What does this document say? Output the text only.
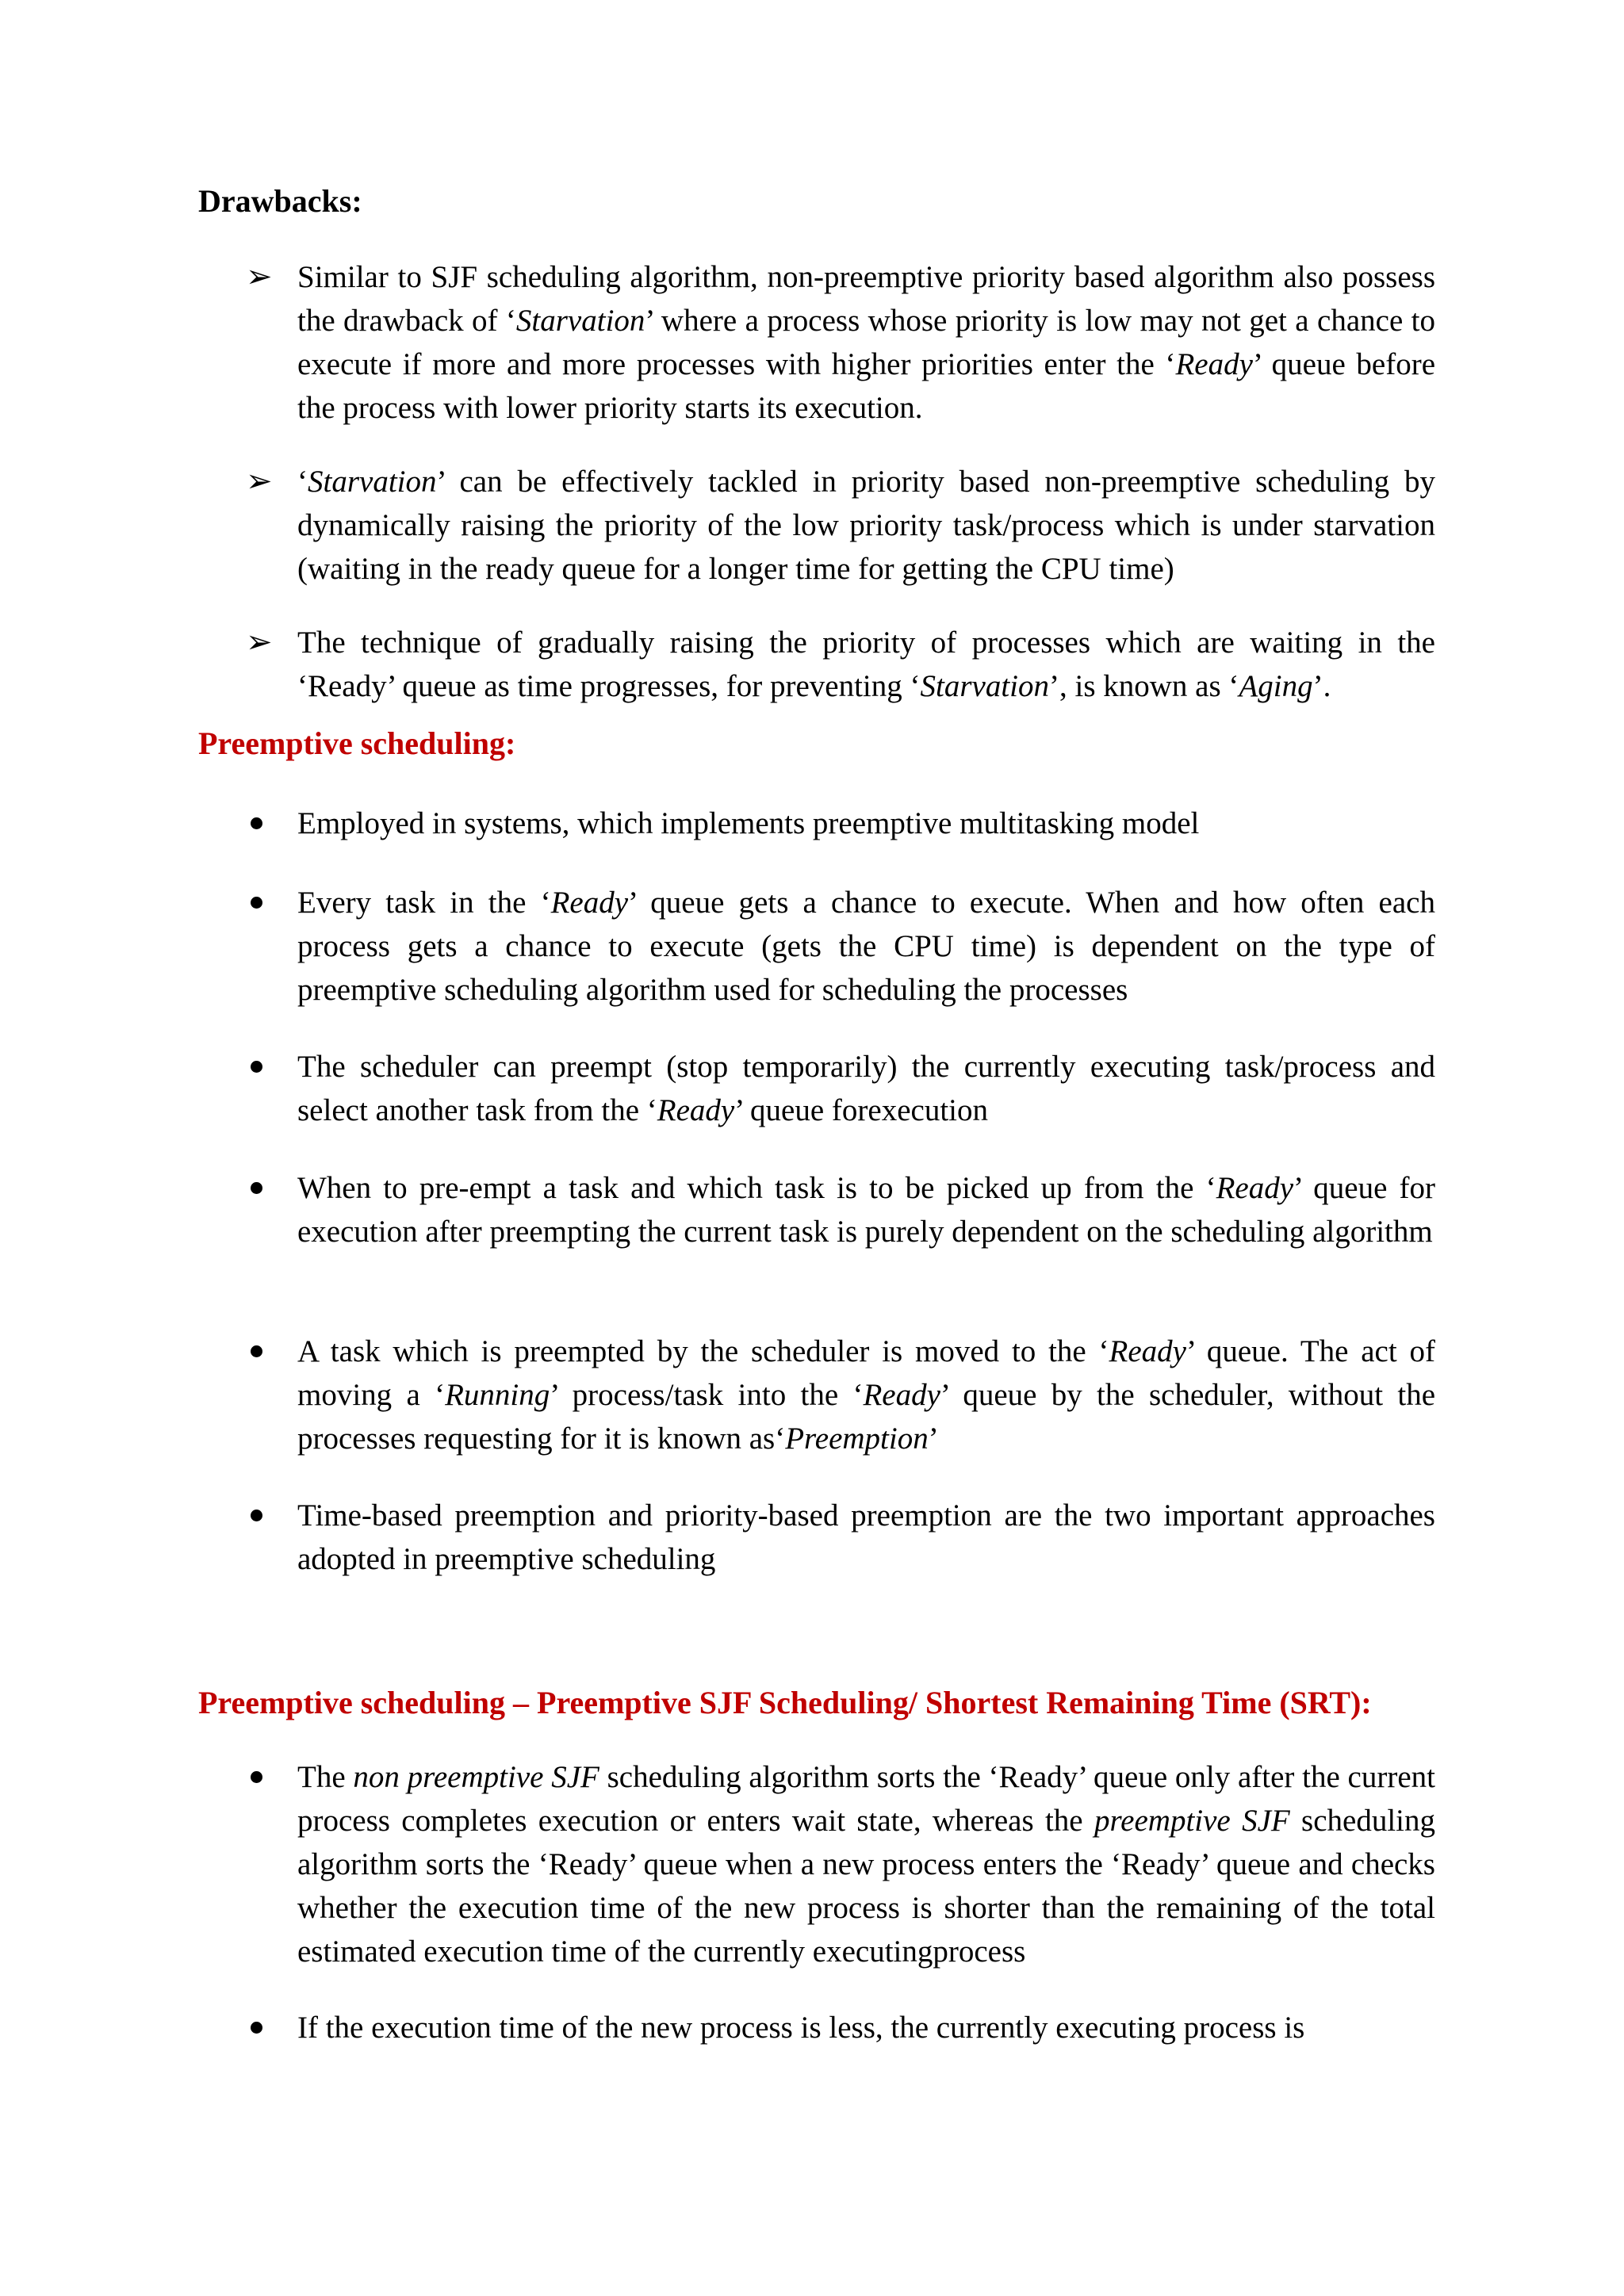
Drawbacks:
➢ Similar to SJF scheduling algorithm, non-preemptive priority based algorithm also possess the drawback of ‘Starvation’ where a process whose priority is low may not get a chance to execute if more and more processes with higher priorities enter the ‘Ready’ queue before the process with lower priority starts its execution.

➢ ‘Starvation’ can be effectively tackled in priority based non-preemptive scheduling by dynamically raising the priority of the low priority task/process which is under starvation (waiting in the ready queue for a longer time for getting the CPU time)

➢ The technique of gradually raising the priority of processes which are waiting in the ‘Ready’ queue as time progresses, for preventing ‘Starvation’, is known as ‘Aging’.

Preemptive scheduling:

Employed in systems, which implements preemptive multitasking model

Every task in the ‘Ready’ queue gets a chance to execute. When and how often each process gets a chance to execute (gets the CPU time) is dependent on the type of preemptive scheduling algorithm used for scheduling the processes

The scheduler can preempt (stop temporarily) the currently executing task/process and select another task from the ‘Ready’ queue forexecution

When to pre-empt a task and which task is to be picked up from the ‘Ready’ queue for execution after preempting the current task is purely dependent on the scheduling algorithm

A task which is preempted by the scheduler is moved to the ‘Ready’ queue. The act of moving a ‘Running’ process/task into the ‘Ready’ queue by the scheduler, without the processes requesting for it is known as‘Preemption’

Time-based preemption and priority-based preemption are the two important approaches adopted in preemptive scheduling

Preemptive scheduling – Preemptive SJF Scheduling/ Shortest Remaining Time (SRT):

The non preemptive SJF scheduling algorithm sorts the ‘Ready’ queue only after the current process completes execution or enters wait state, whereas the preemptive SJF scheduling algorithm sorts the ‘Ready’ queue when a new process enters the ‘Ready’ queue and checks whether the execution time of the new process is shorter than the remaining of the total estimated execution time of the currently executingprocess

If the execution time of the new process is less, the currently executing process is
